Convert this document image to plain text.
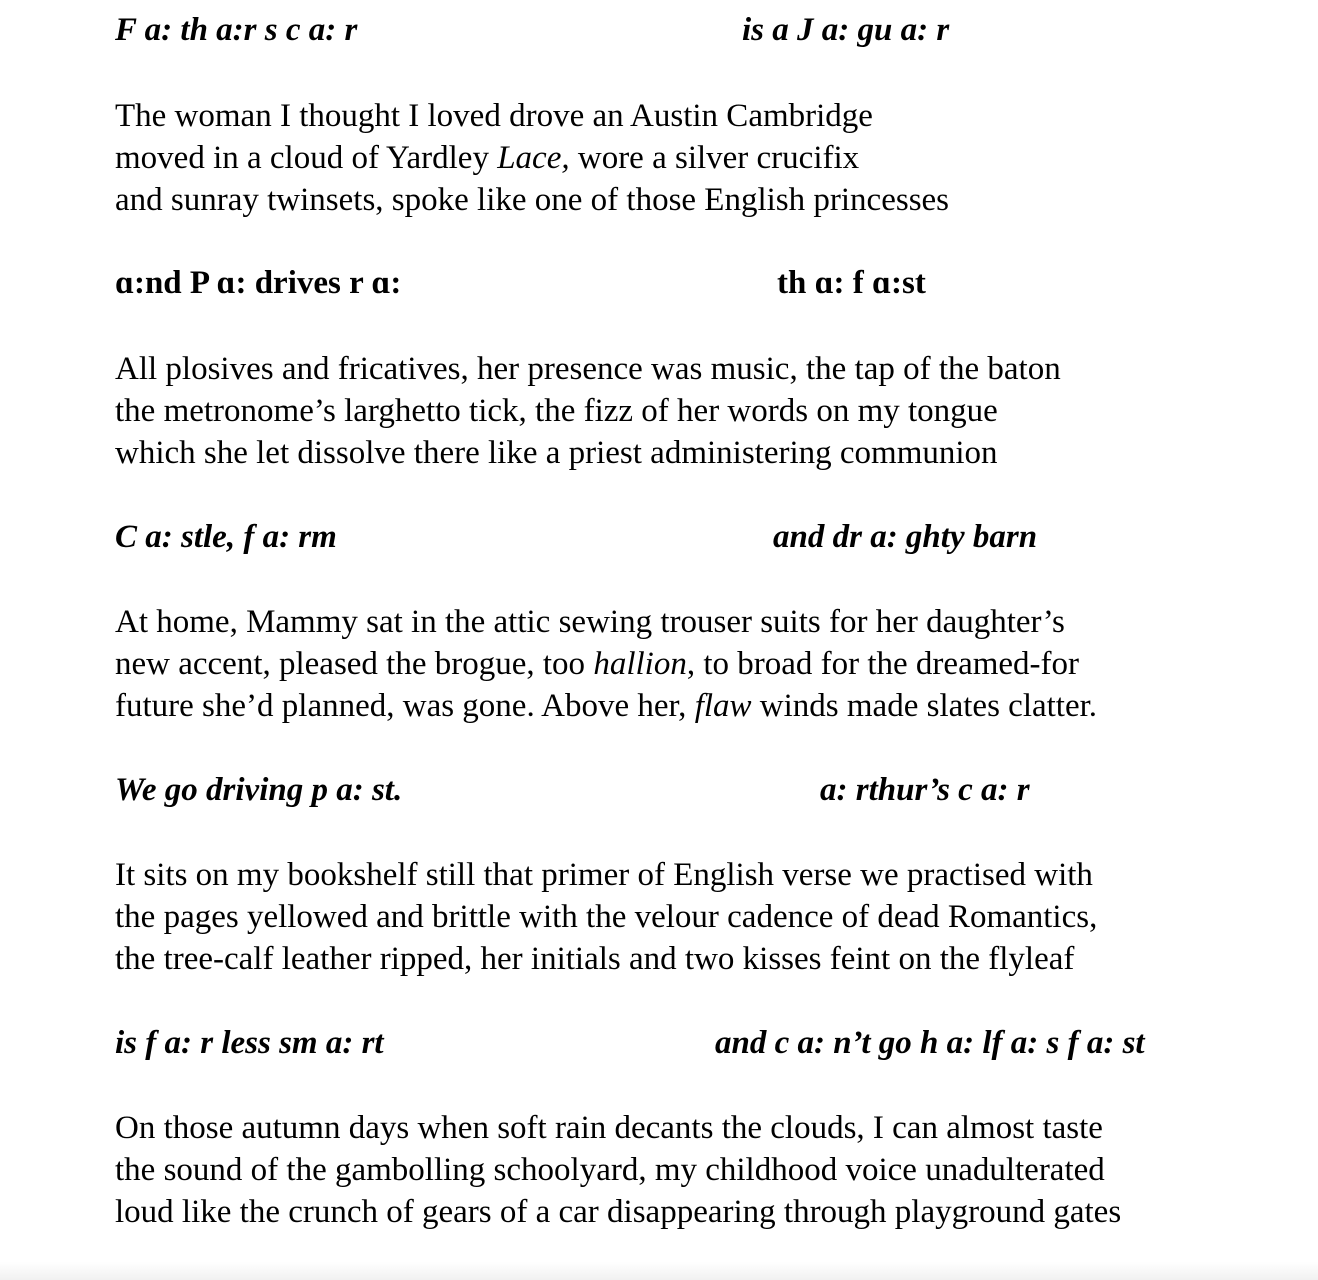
F a: th a:r s c a: r	is a J a: gu a: r
The woman I thought I loved drove an Austin Cambridge
moved in a cloud of Yardley Lace, wore a silver crucifix
and sunray twinsets, spoke like one of those English princesses
ɑ:nd P ɑ: drives r ɑ:	th ɑ: f ɑ:st
All plosives and fricatives, her presence was music, the tap of the baton
the metronome’s larghetto tick, the fizz of her words on my tongue
which she let dissolve there like a priest administering communion
C a: stle, f a: rm	and dr a: ghty barn
At home, Mammy sat in the attic sewing trouser suits for her daughter’s
new accent, pleased the brogue, too hallion, to broad for the dreamed-for
future she’d planned, was gone. Above her, flaw winds made slates clatter.
We go driving p a: st.	a: rthur’s c a: r
It sits on my bookshelf still that primer of English verse we practised with
the pages yellowed and brittle with the velour cadence of dead Romantics,
the tree-calf leather ripped, her initials and two kisses feint on the flyleaf
is f a: r less sm a: rt	and c a: n’t go h a: lf a: s f a: st
On those autumn days when soft rain decants the clouds, I can almost taste
the sound of the gambolling schoolyard, my childhood voice unadulterated
loud like the crunch of gears of a car disappearing through playground gates
